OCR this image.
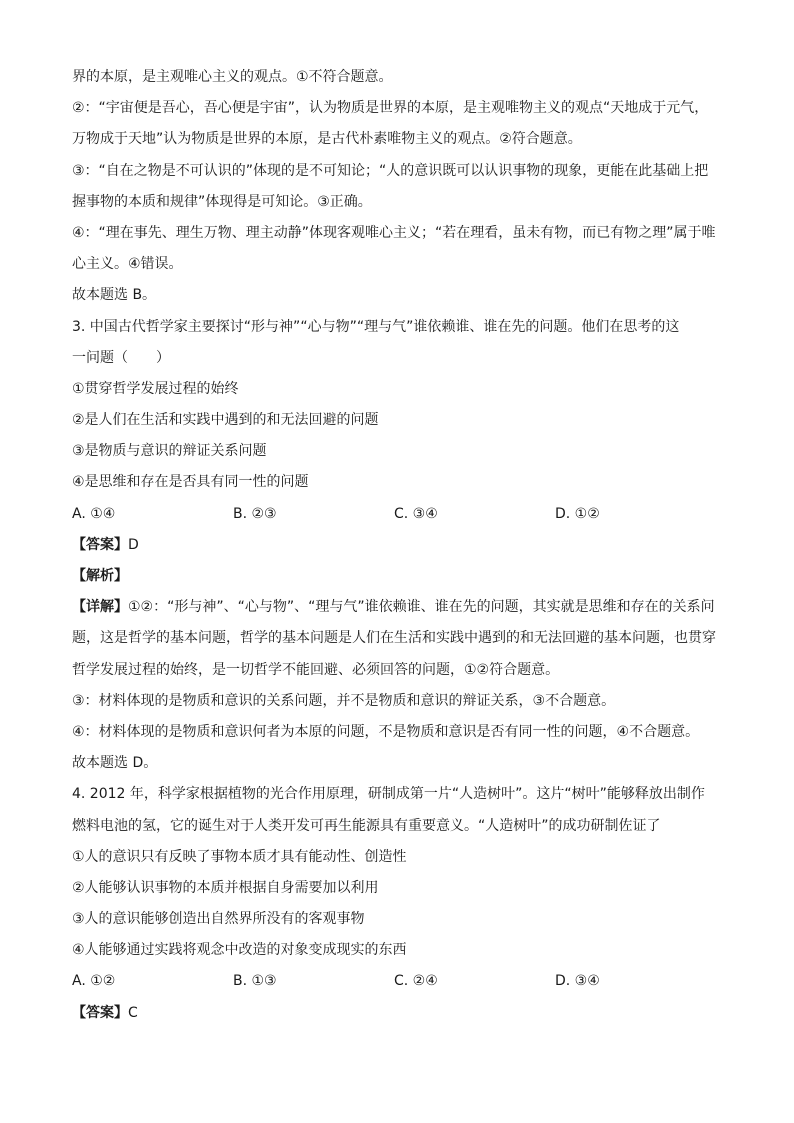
界的本原，是主观唯心主义的观点。①不符合题意。
②：“宇宙便是吾心，吾心便是宇宙”，认为物质是世界的本原，是主观唯物主义的观点“天地成于元气，
万物成于天地”认为物质是世界的本原，是古代朴素唯物主义的观点。②符合题意。
③：“自在之物是不可认识的”体现的是不可知论；“人的意识既可以认识事物的现象，更能在此基础上把
握事物的本质和规律”体现得是可知论。③正确。
④：“理在事先、理生万物、理主动静”体现客观唯心主义；“若在理看，虽未有物，而已有物之理”属于唯
心主义。④错误。
故本题选 B。
3. 中国古代哲学家主要探讨“形与神”“心与物”“理与气”谁依赖谁、谁在先的问题。他们在思考的这
一问题（　　）
①贯穿哲学发展过程的始终
②是人们在生活和实践中遇到的和无法回避的问题
③是物质与意识的辩证关系问题
④是思维和存在是否具有同一性的问题
A. ①④	B. ②③	C. ③④	D. ①②
【答案】D
【解析】
【详解】①②：“形与神”、“心与物”、“理与气”谁依赖谁、谁在先的问题，其实就是思维和存在的关系问
题，这是哲学的基本问题，哲学的基本问题是人们在生活和实践中遇到的和无法回避的基本问题，也贯穿
哲学发展过程的始终，是一切哲学不能回避、必须回答的问题，①②符合题意。
③：材料体现的是物质和意识的关系问题，并不是物质和意识的辩证关系，③不合题意。
④：材料体现的是物质和意识何者为本原的问题，不是物质和意识是否有同一性的问题，④不合题意。
故本题选 D。
4. 2012 年，科学家根据植物的光合作用原理，研制成第一片“人造树叶”。这片“树叶”能够释放出制作
燃料电池的氢，它的诞生对于人类开发可再生能源具有重要意义。“人造树叶”的成功研制佐证了
①人的意识只有反映了事物本质才具有能动性、创造性
②人能够认识事物的本质并根据自身需要加以利用
③人的意识能够创造出自然界所没有的客观事物
④人能够通过实践将观念中改造的对象变成现实的东西
A. ①②	B. ①③	C. ②④	D. ③④
【答案】C
